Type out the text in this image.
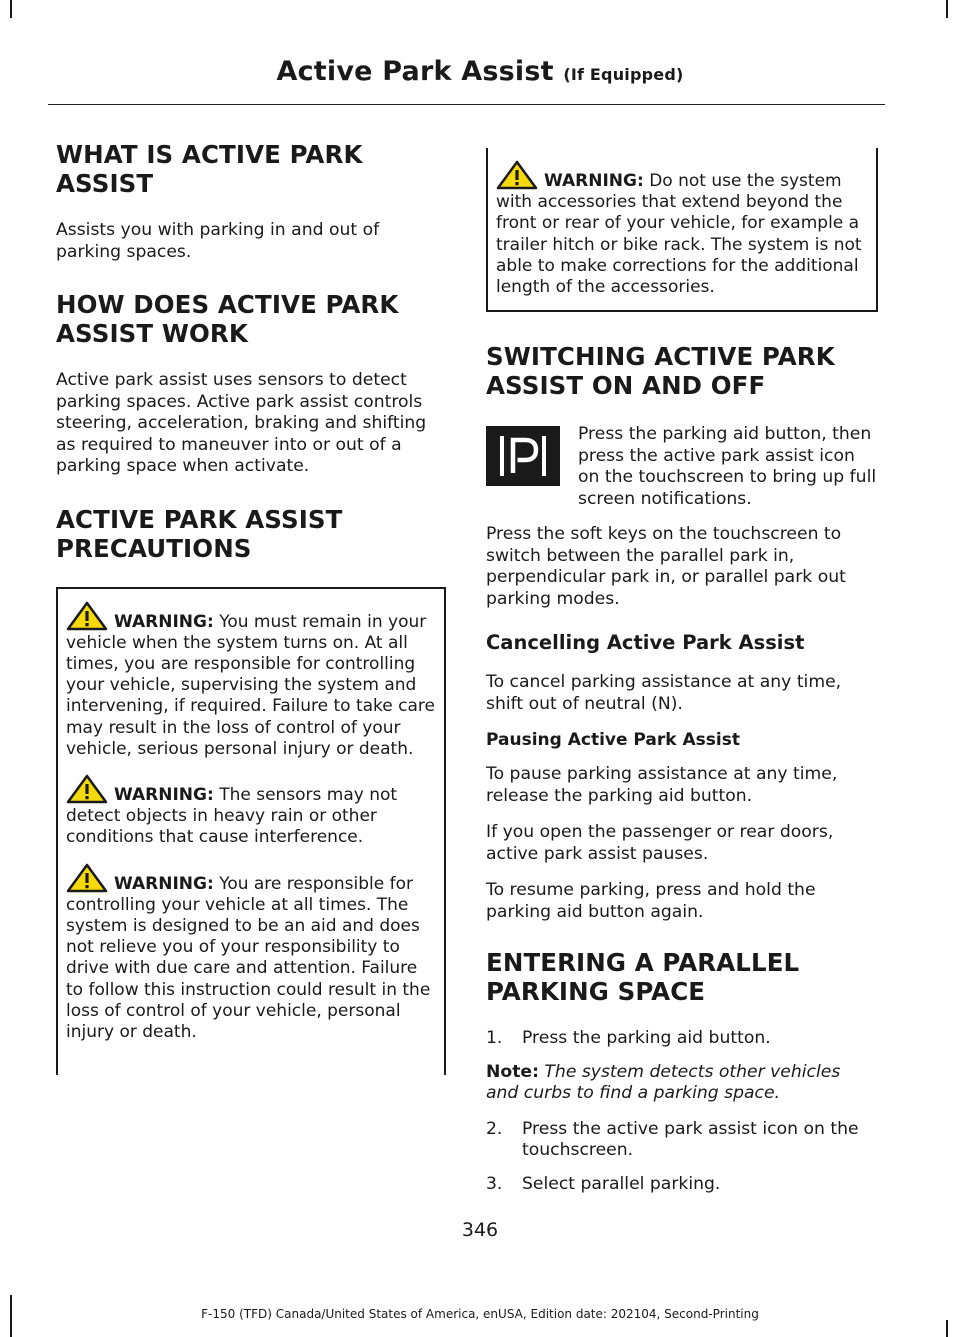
Active Park Assist (If Equipped)
WHAT IS ACTIVE PARK ASSIST

Assists you with parking in and out of parking spaces.

HOW DOES ACTIVE PARK ASSIST WORK

Active park assist uses sensors to detect parking spaces. Active park assist controls steering, acceleration, braking and shifting as required to maneuver into or out of a parking space when activate.

ACTIVE PARK ASSIST PRECAUTIONS

WARNING: You must remain in your vehicle when the system turns on. At all times, you are responsible for controlling your vehicle, supervising the system and intervening, if required. Failure to take care may result in the loss of control of your vehicle, serious personal injury or death.

WARNING: The sensors may not detect objects in heavy rain or other conditions that cause interference.

WARNING: You are responsible for controlling your vehicle at all times. The system is designed to be an aid and does not relieve you of your responsibility to drive with due care and attention. Failure to follow this instruction could result in the loss of control of your vehicle, personal injury or death.

WARNING: Do not use the system with accessories that extend beyond the front or rear of your vehicle, for example a trailer hitch or bike rack. The system is not able to make corrections for the additional length of the accessories.

SWITCHING ACTIVE PARK ASSIST ON AND OFF

Press the parking aid button, then press the active park assist icon on the touchscreen to bring up full screen notifications.

Press the soft keys on the touchscreen to switch between the parallel park in, perpendicular park in, or parallel park out parking modes.

Cancelling Active Park Assist

To cancel parking assistance at any time, shift out of neutral (N).

Pausing Active Park Assist

To pause parking assistance at any time, release the parking aid button.

If you open the passenger or rear doors, active park assist pauses.

To resume parking, press and hold the parking aid button again.

ENTERING A PARALLEL PARKING SPACE
1. Press the parking aid button.

Note: The system detects other vehicles and curbs to find a parking space.

2. Press the active park assist icon on the touchscreen.
3. Select parallel parking.
346
F-150 (TFD) Canada/United States of America, enUSA, Edition date: 202104, Second-Printing
